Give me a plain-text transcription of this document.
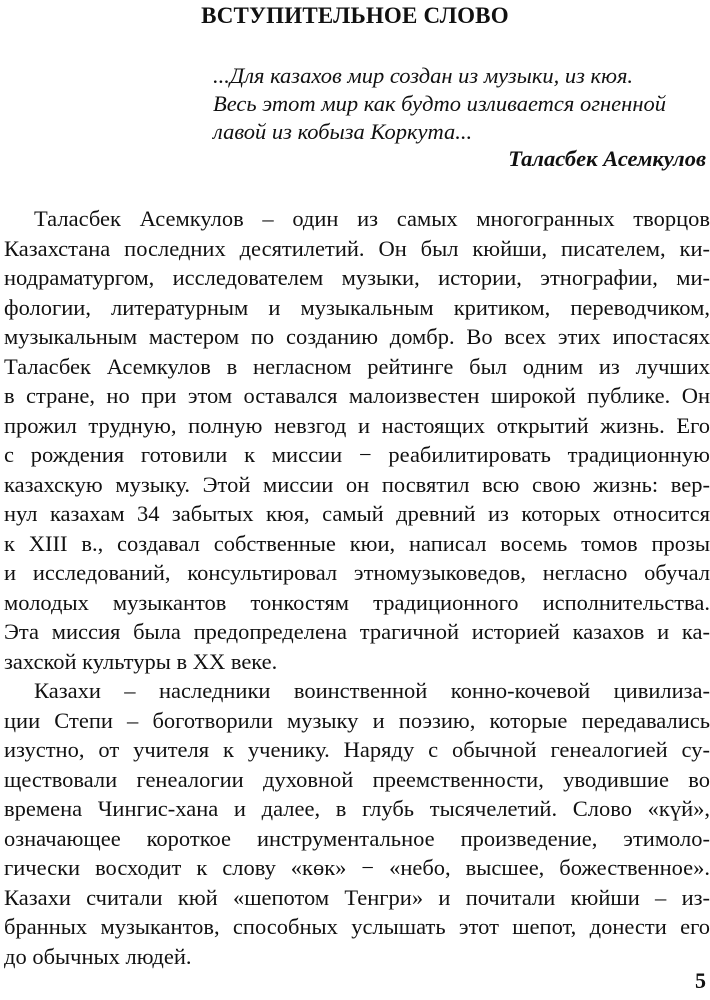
ВСТУПИТЕЛЬНОЕ СЛОВО
...Для казахов мир создан из музыки, из кюя.
Весь этот мир как будто изливается огненной
лавой из кобыза Коркута...
Таласбек Асемкулов
Таласбек Асемкулов – один из самых многогранных творцов
Казахстана последних десятилетий. Он был кюйши, писателем, ки-
нодраматургом, исследователем музыки, истории, этнографии, ми-
фологии, литературным и музыкальным критиком, переводчиком,
музыкальным мастером по созданию домбр. Во всех этих ипостасях
Таласбек Асемкулов в негласном рейтинге был одним из лучших
в стране, но при этом оставался малоизвестен широкой публике. Он
прожил трудную, полную невзгод и настоящих открытий жизнь. Его
с рождения готовили к миссии − реабилитировать традиционную
казахскую музыку. Этой миссии он посвятил всю свою жизнь: вер-
нул казахам 34 забытых кюя, самый древний из которых относится
к XIII в., создавал собственные кюи, написал восемь томов прозы
и исследований, консультировал этномузыковедов, негласно обучал
молодых музыкантов тонкостям традиционного исполнительства.
Эта миссия была предопределена трагичной историей казахов и ка-
захской культуры в XX веке.
Казахи – наследники воинственной конно-кочевой цивилиза-
ции Степи – боготворили музыку и поэзию, которые передавались
изустно, от учителя к ученику. Наряду с обычной генеалогией су-
ществовали генеалогии духовной преемственности, уводившие во
времена Чингис-хана и далее, в глубь тысячелетий. Слово «күй»,
означающее короткое инструментальное произведение, этимоло-
гически восходит к слову «көк» − «небо, высшее, божественное».
Казахи считали кюй «шепотом Тенгри» и почитали кюйши – из-
бранных музыкантов, способных услышать этот шепот, донести его
до обычных людей.
5
